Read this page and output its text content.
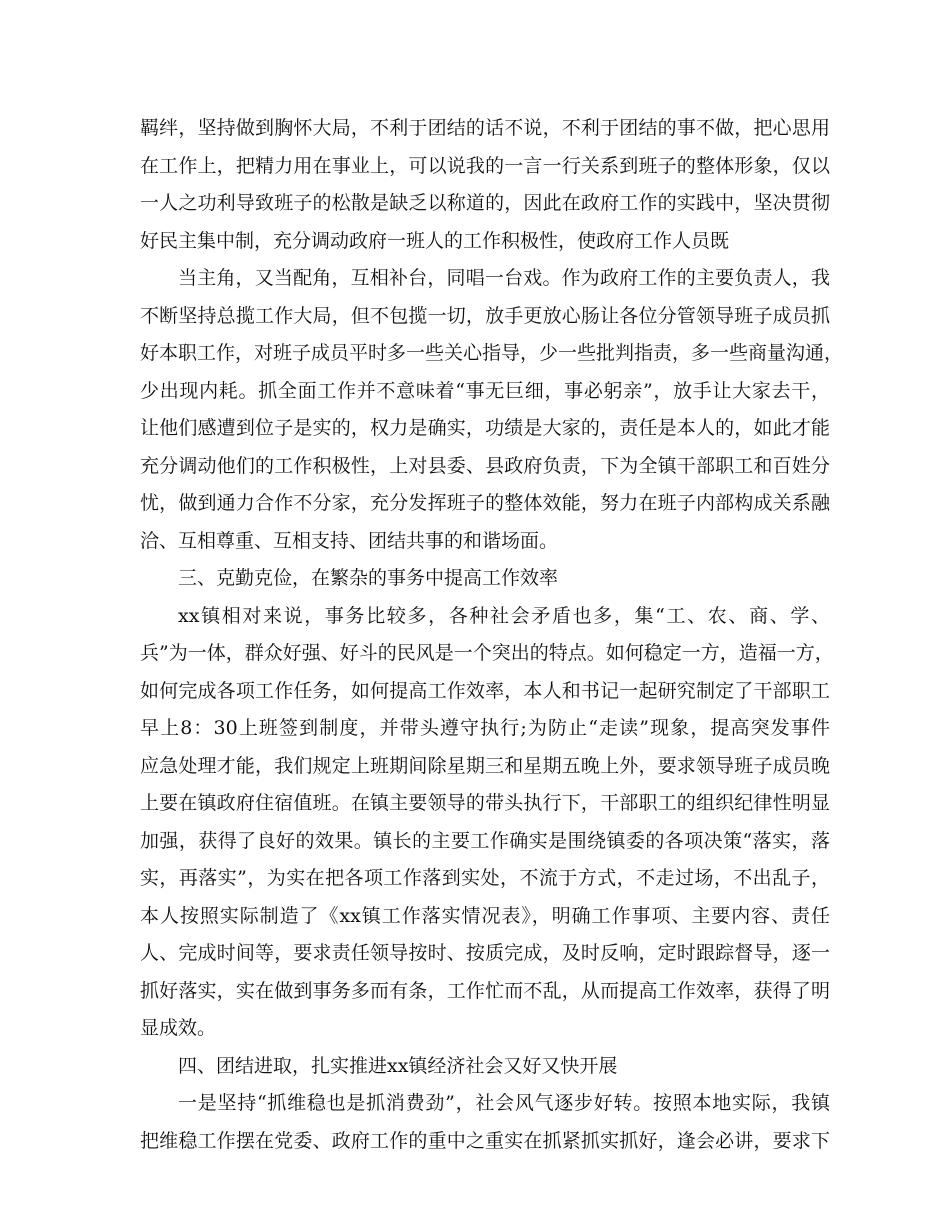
羁绊，坚持做到胸怀大局，不利于团结的话不说，不利于团结的事不做，把心思用
在工作上，把精力用在事业上，可以说我的一言一行关系到班子的整体形象，仅以
一人之功利导致班子的松散是缺乏以称道的，因此在政府工作的实践中，坚决贯彻
好民主集中制，充分调动政府一班人的工作积极性，使政府工作人员既
当主角，又当配角，互相补台，同唱一台戏。作为政府工作的主要负责人，我
不断坚持总揽工作大局，但不包揽一切，放手更放心肠让各位分管领导班子成员抓
好本职工作，对班子成员平时多一些关心指导，少一些批判指责，多一些商量沟通，
少出现内耗。抓全面工作并不意味着“事无巨细，事必躬亲”，放手让大家去干，
让他们感遭到位子是实的，权力是确实，功绩是大家的，责任是本人的，如此才能
充分调动他们的工作积极性，上对县委、县政府负责，下为全镇干部职工和百姓分
忧，做到通力合作不分家，充分发挥班子的整体效能，努力在班子内部构成关系融
洽、互相尊重、互相支持、团结共事的和谐场面。
三、克勤克俭，在繁杂的事务中提高工作效率
xx镇相对来说，事务比较多，各种社会矛盾也多，集“工、农、商、学、
兵”为一体，群众好强、好斗的民风是一个突出的特点。如何稳定一方，造福一方，
如何完成各项工作任务，如何提高工作效率，本人和书记一起研究制定了干部职工
早上8：30上班签到制度，并带头遵守执行;为防止“走读”现象，提高突发事件
应急处理才能，我们规定上班期间除星期三和星期五晚上外，要求领导班子成员晚
上要在镇政府住宿值班。在镇主要领导的带头执行下，干部职工的组织纪律性明显
加强，获得了良好的效果。镇长的主要工作确实是围绕镇委的各项决策“落实，落
实，再落实”，为实在把各项工作落到实处，不流于方式，不走过场，不出乱子，
本人按照实际制造了《xx镇工作落实情况表》，明确工作事项、主要内容、责任
人、完成时间等，要求责任领导按时、按质完成，及时反响，定时跟踪督导，逐一
抓好落实，实在做到事务多而有条，工作忙而不乱，从而提高工作效率，获得了明
显成效。
四、团结进取，扎实推进xx镇经济社会又好又快开展
一是坚持“抓维稳也是抓消费劲”，社会风气逐步好转。按照本地实际，我镇
把维稳工作摆在党委、政府工作的重中之重实在抓紧抓实抓好，逢会必讲，要求下
